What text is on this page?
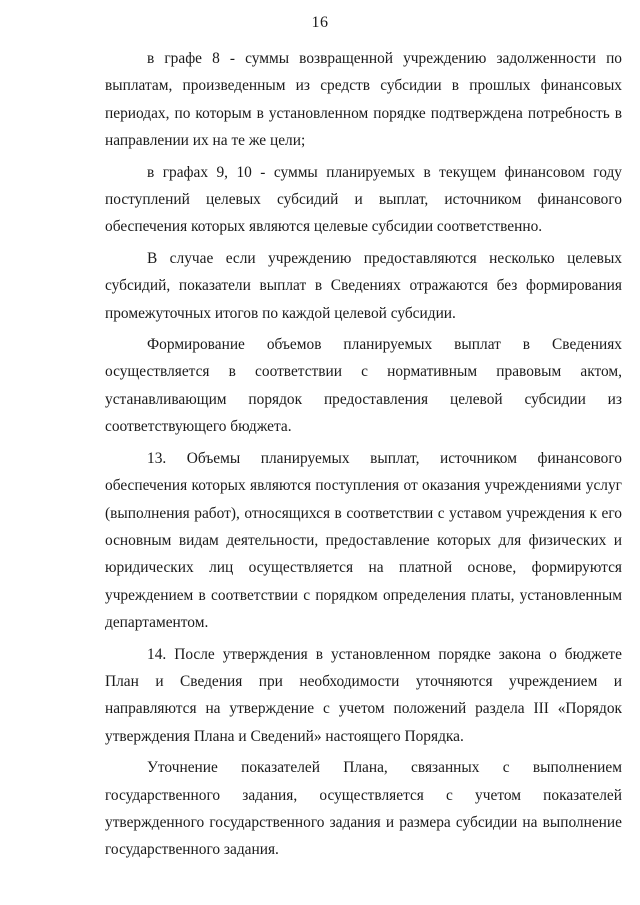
16

в графе 8 - суммы возвращенной учреждению задолженности по выплатам, произведенным из средств субсидии в прошлых финансовых периодах, по которым в установленном порядке подтверждена потребность в направлении их на те же цели;

в графах 9, 10 - суммы планируемых в текущем финансовом году поступлений целевых субсидий и выплат, источником финансового обеспечения которых являются целевые субсидии соответственно.

В случае если учреждению предоставляются несколько целевых субсидий, показатели выплат в Сведениях отражаются без формирования промежуточных итогов по каждой целевой субсидии.

Формирование объемов планируемых выплат в Сведениях осуществляется в соответствии с нормативным правовым актом, устанавливающим порядок предоставления целевой субсидии из соответствующего бюджета.

13. Объемы планируемых выплат, источником финансового обеспечения которых являются поступления от оказания учреждениями услуг (выполнения работ), относящихся в соответствии с уставом учреждения к его основным видам деятельности, предоставление которых для физических и юридических лиц осуществляется на платной основе, формируются учреждением в соответствии с порядком определения платы, установленным департаментом.

14. После утверждения в установленном порядке закона о бюджете План и Сведения при необходимости уточняются учреждением и направляются на утверждение с учетом положений раздела III «Порядок утверждения Плана и Сведений» настоящего Порядка.

Уточнение показателей Плана, связанных с выполнением государственного задания, осуществляется с учетом показателей утвержденного государственного задания и размера субсидии на выполнение государственного задания.
